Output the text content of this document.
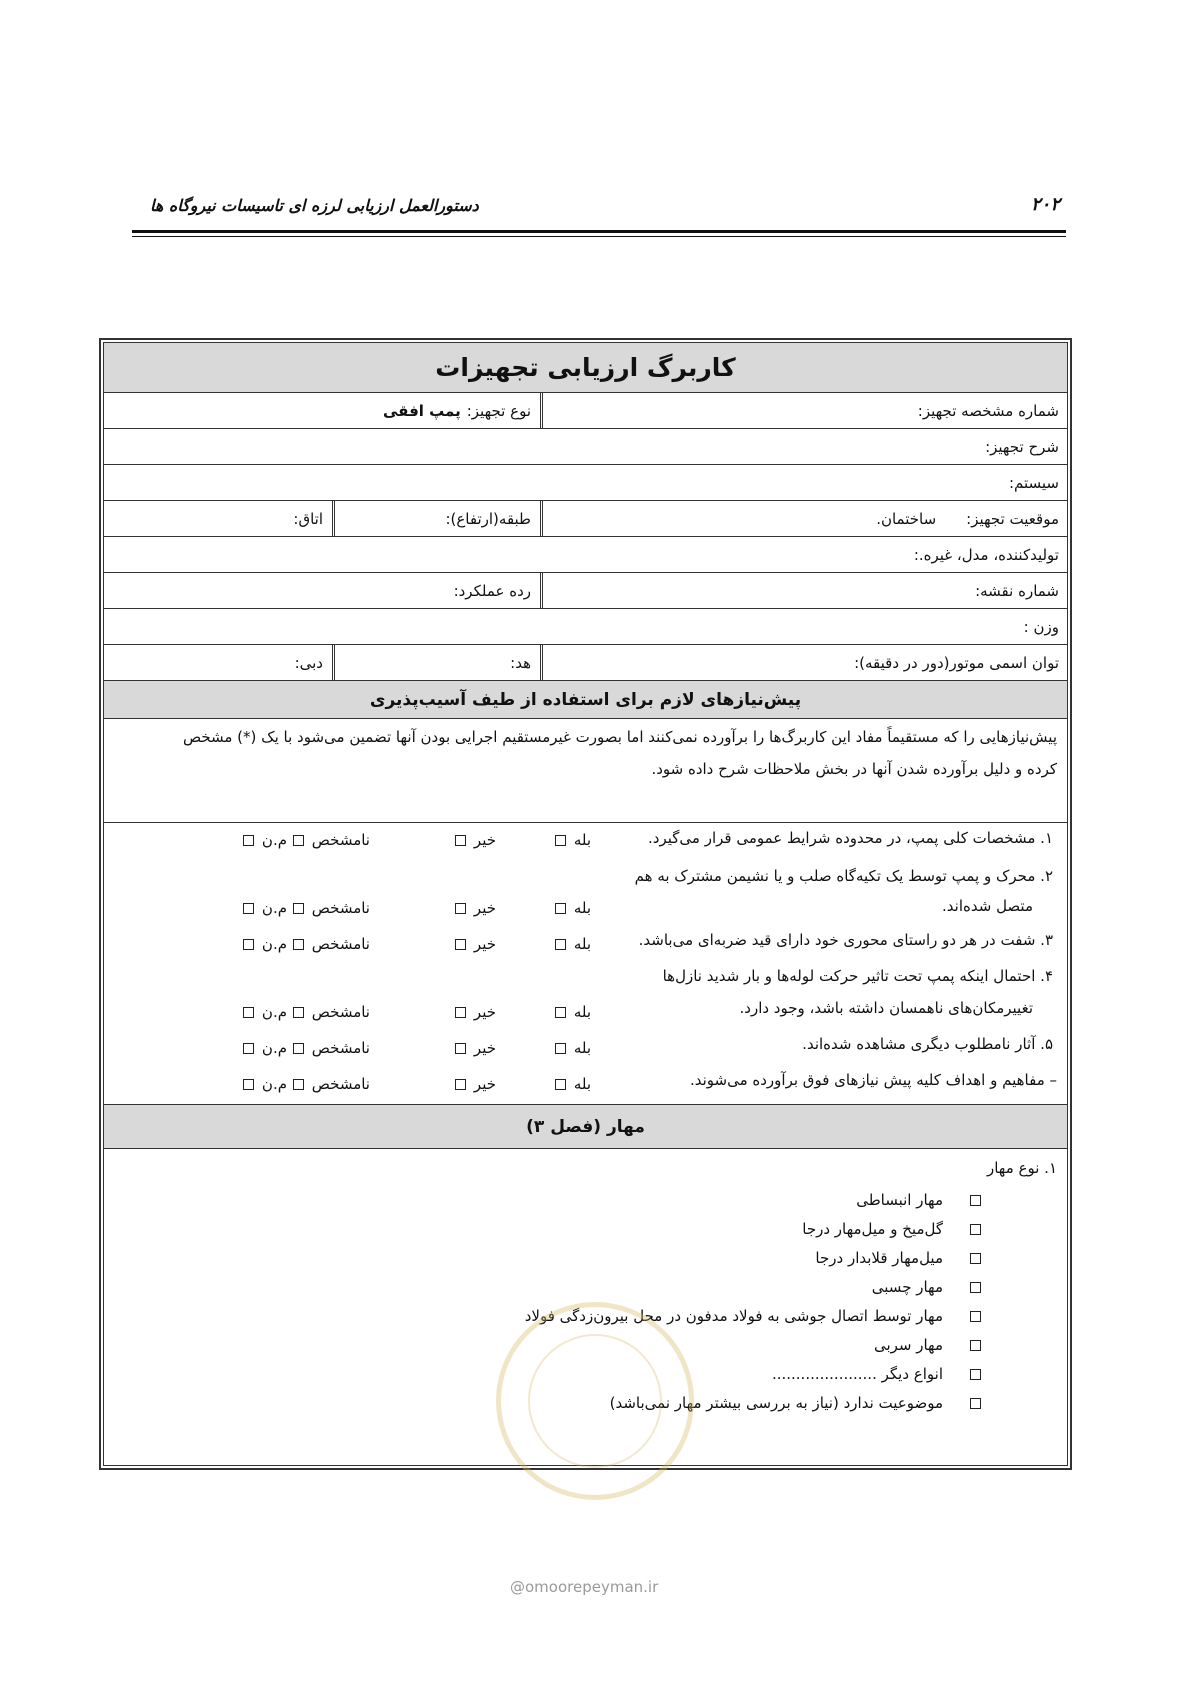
دستورالعمل ارزیابی لرزه ای تاسیسات نیروگاه ها	۲۰۲
کاربرگ ارزیابی تجهیزات
شماره مشخصه تجهیز:
نوع تجهیز:
پمپ افقی
شرح تجهیز:
سیستم:
موقعیت تجهیز:
ساختمان.
طبقه(ارتفاع):
اتاق:
تولیدکننده، مدل، غیره.:
شماره نقشه:
رده عملکرد:
وزن :
توان اسمی موتور(دور در دقیقه):
هد:
دبی:
پیش‌نیازهای لازم برای استفاده از طیف آسیب‌پذیری
پیش‌نیازهایی را که مستقیماً مفاد این کاربرگ‌ها را برآورده نمی‌کنند اما بصورت غیرمستقیم اجرایی بودن آنها تضمین می‌شود با یک (*) مشخص
کرده و دلیل برآورده شدن آنها در بخش ملاحظات شرح داده شود.
۱. مشخصات کلی پمپ، در محدوده شرایط عمومی قرار می‌گیرد.
۲. محرک و پمپ توسط یک تکیه‌گاه صلب و یا نشیمن مشترک به هم
متصل شده‌اند.
۳. شفت در هر دو راستای محوری خود دارای قید ضربه‌ای می‌باشد.
۴. احتمال اینکه پمپ تحت تاثیر حرکت لوله‌ها و بار شدید نازل‌ها
تغییرمکان‌های ناهمسان داشته باشد، وجود دارد.
۵. آثار نامطلوب دیگری مشاهده شده‌اند.
– مفاهیم و اهداف کلیه پیش نیازهای فوق برآورده می‌شوند.
بله
خیر
نامشخص
م.ن
بله
خیر
نامشخص
م.ن
بله
خیر
نامشخص
م.ن
بله
خیر
نامشخص
م.ن
بله
خیر
نامشخص
م.ن
بله
خیر
نامشخص
م.ن
مهار (فصل ۳)
۱. نوع مهار
مهار انبساطی
گل‌میخ و میل‌مهار درجا
میل‌مهار قلابدار درجا
مهار چسبی
مهار توسط اتصال جوشی به فولاد مدفون در محل بیرون‌زدگی فولاد
مهار سربی
انواع دیگر ......................
موضوعیت ندارد (نیاز به بررسی بیشتر مهار نمی‌باشد)
@omoorepeyman.ir
